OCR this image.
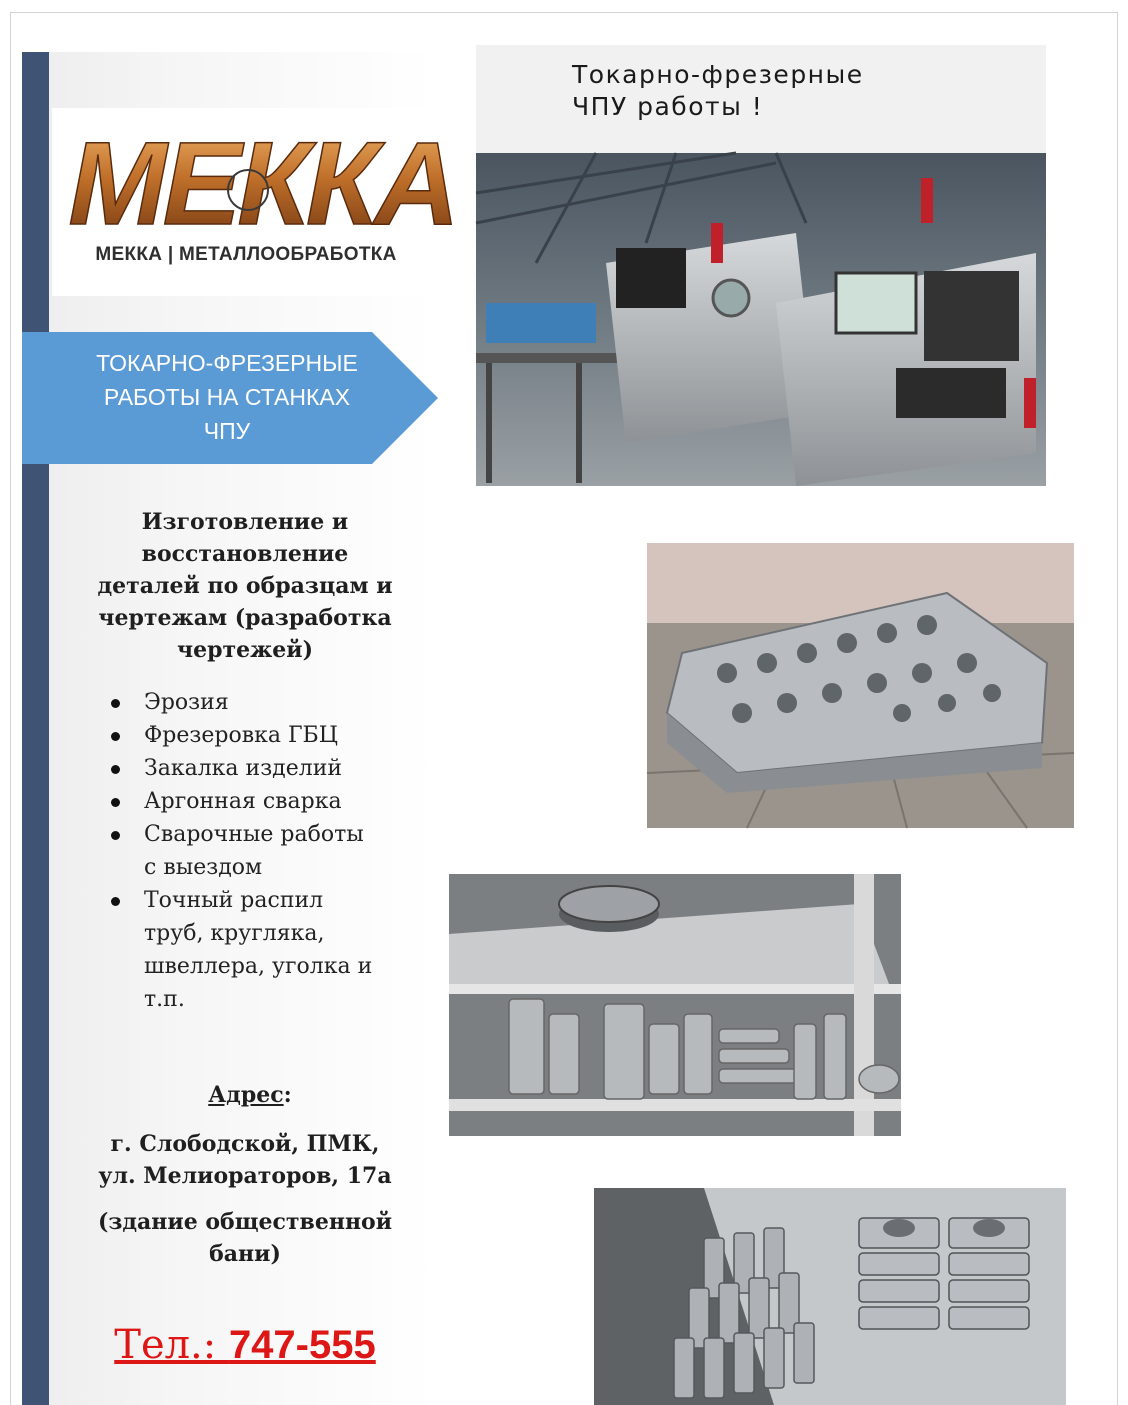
МЕККА
МЕККА | МЕТАЛЛООБРАБОТКА
ТОКАРНО-ФРЕЗЕРНЫЕ
РАБОТЫ НА СТАНКАХ
ЧПУ
Изготовление и
восстановление
деталей по образцам и
чертежам (разработка
чертежей)
Эрозия
Фрезеровка ГБЦ
Закалка изделий
Аргонная сварка
Сварочные работы
с выездом
Точный распил
труб, кругляка,
швеллера, уголка и
т.п.
Адрес:
г. Слободской, ПМК,
ул. Мелиораторов, 17а
(здание общественной
бани)
Тел.: 747-555
Токарно-фрезерные
ЧПУ работы !
